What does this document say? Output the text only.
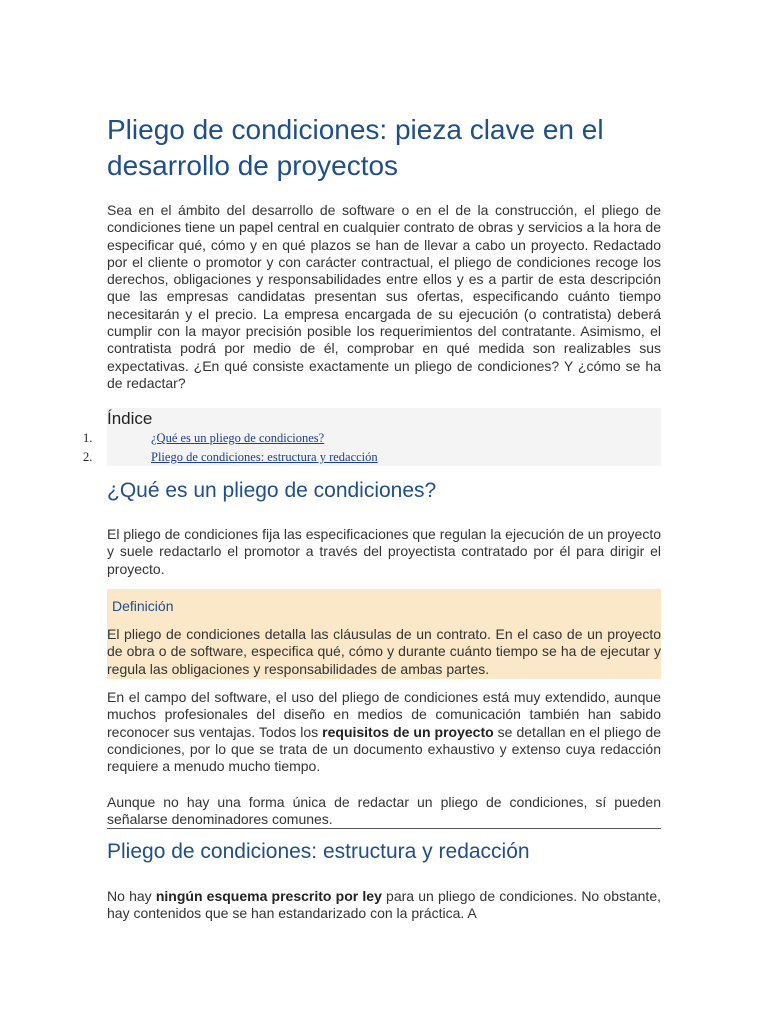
Pliego de condiciones: pieza clave en el desarrollo de proyectos

Sea en el ámbito del desarrollo de software o en el de la construcción, el pliego de condiciones tiene un papel central en cualquier contrato de obras y servicios a la hora de especificar qué, cómo y en qué plazos se han de llevar a cabo un proyecto. Redactado por el cliente o promotor y con carácter contractual, el pliego de condiciones recoge los derechos, obligaciones y responsabilidades entre ellos y es a partir de esta descripción que las empresas candidatas presentan sus ofertas, especificando cuánto tiempo necesitarán y el precio. La empresa encargada de su ejecución (o contratista) deberá cumplir con la mayor precisión posible los requerimientos del contratante. Asimismo, el contratista podrá por medio de él, comprobar en qué medida son realizables sus expectativas. ¿En qué consiste exactamente un pliego de condiciones? Y ¿cómo se ha de redactar?

Índice
1.	¿Qué es un pliego de condiciones?
2.	Pliego de condiciones: estructura y redacción
¿Qué es un pliego de condiciones?

El pliego de condiciones fija las especificaciones que regulan la ejecución de un proyecto y suele redactarlo el promotor a través del proyectista contratado por él para dirigir el proyecto.

Definición

El pliego de condiciones detalla las cláusulas de un contrato. En el caso de un proyecto de obra o de software, especifica qué, cómo y durante cuánto tiempo se ha de ejecutar y regula las obligaciones y responsabilidades de ambas partes.

En el campo del software, el uso del pliego de condiciones está muy extendido, aunque muchos profesionales del diseño en medios de comunicación también han sabido reconocer sus ventajas. Todos los requisitos de un proyecto se detallan en el pliego de condiciones, por lo que se trata de un documento exhaustivo y extenso cuya redacción requiere a menudo mucho tiempo.

Aunque no hay una forma única de redactar un pliego de condiciones, sí pueden señalarse denominadores comunes.

Pliego de condiciones: estructura y redacción

No hay ningún esquema prescrito por ley para un pliego de condiciones. No obstante, hay contenidos que se han estandarizado con la práctica. A
